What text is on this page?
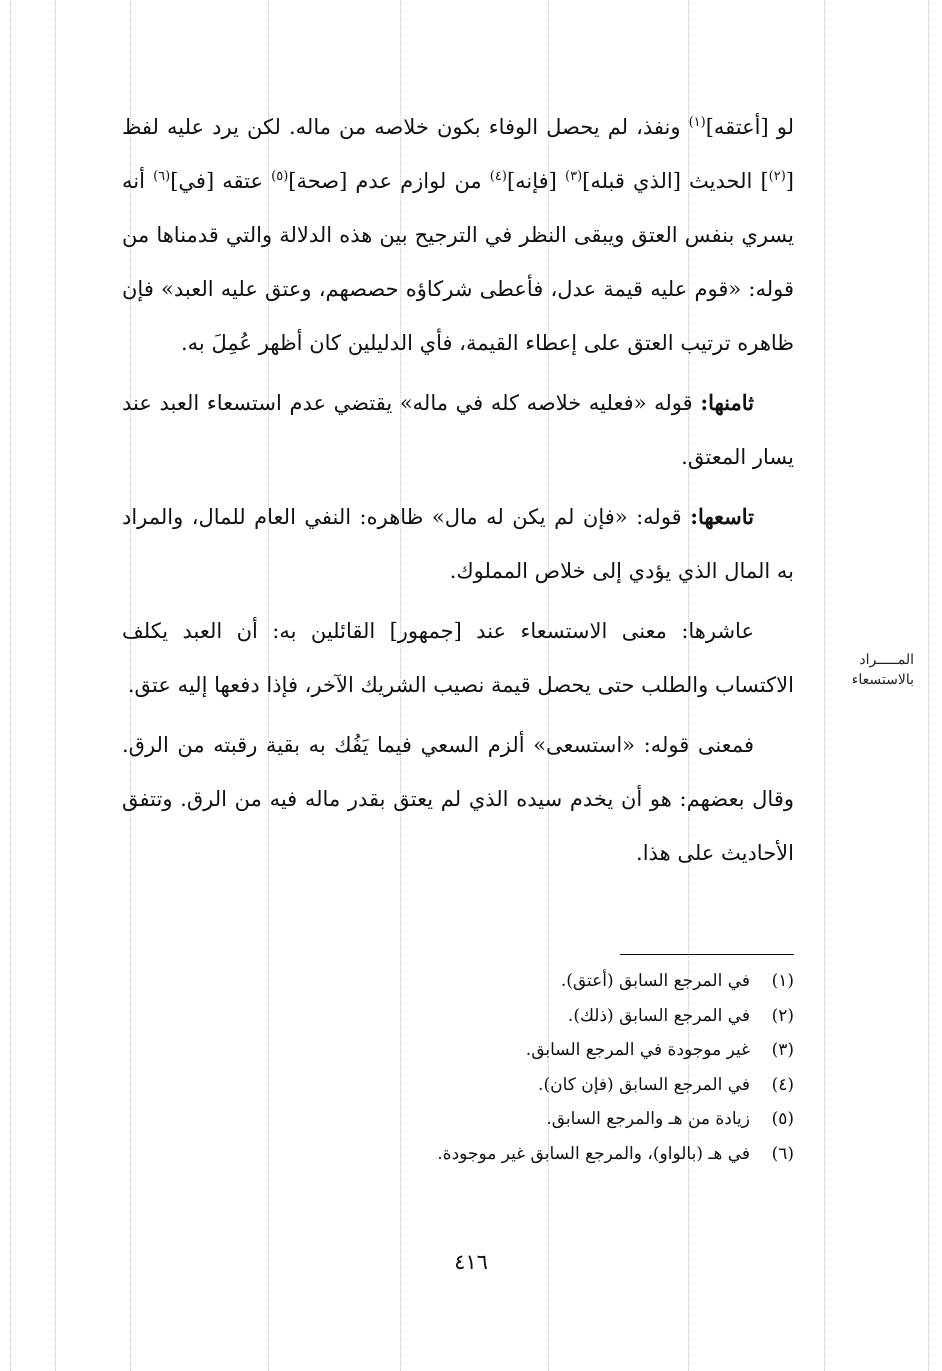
لو [أعتقه]$^{(١)}$ ونفذ، لم يحصل الوفاء بكون خلاصه من ماله. لكن يرد عليه لفظ [$^{(٢)}$] الحديث [الذي قبله]$^{(٣)}$ [فإنه]$^{(٤)}$ من لوازم عدم [صحة]$^{(٥)}$ عتقه [في]$^{(٦)}$ أنه يسري بنفس العتق ويبقى النظر في الترجيح بين هذه الدلالة والتي قدمناها من قوله: «قوم عليه قيمة عدل، فأعطى شركاؤه حصصهم، وعتق عليه العبد» فإن ظاهره ترتيب العتق على إعطاء القيمة، فأي الدليلين كان أظهر عُمِلَ به.

ثامنها: قوله «فعليه خلاصه كله في ماله» يقتضي عدم استسعاء العبد عند يسار المعتق.

تاسعها: قوله: «فإن لم يكن له مال» ظاهره: النفي العام للمال، والمراد به المال الذي يؤدي إلى خلاص المملوك.

عاشرها: معنى الاستسعاء عند [جمهور] القائلين به: أن العبد يكلف الاكتساب والطلب حتى يحصل قيمة نصيب الشريك الآخر، فإذا دفعها إليه عتق.

فمعنى قوله: «استسعى» ألزم السعي فيما يَفُك به بقية رقبته من الرق. وقال بعضهم: هو أن يخدم سيده الذي لم يعتق بقدر ماله فيه من الرق. وتتفق الأحاديث على هذا.

المـــــراد
بالاستسعاء
(١)في المرجع السابق (أعتق).
(٢)في المرجع السابق (ذلك).
(٣)غير موجودة في المرجع السابق.
(٤)في المرجع السابق (فإن كان).
(٥)زيادة من هـ والمرجع السابق.
(٦)في هـ (بالواو)، والمرجع السابق غير موجودة.
٤١٦
